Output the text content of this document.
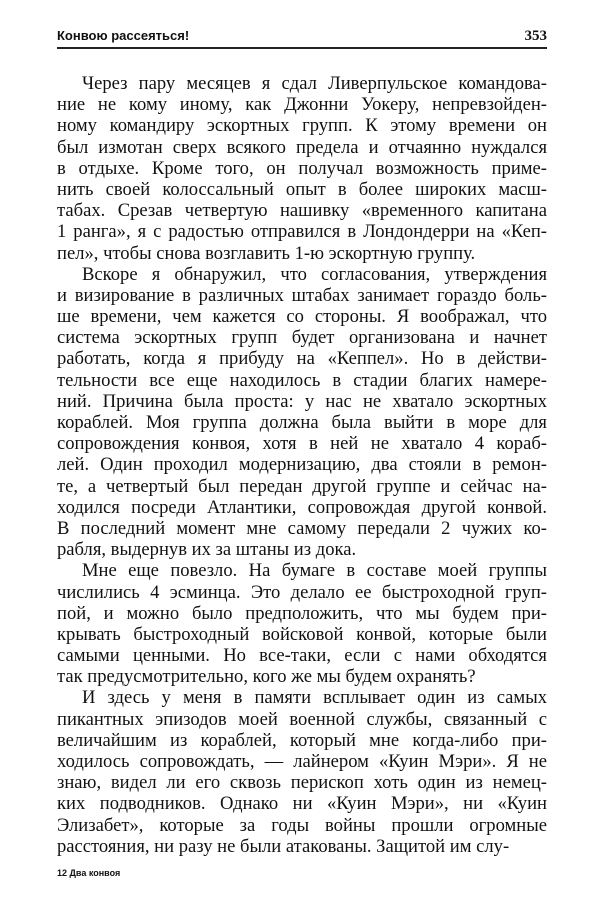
Конвою рассеяться!	353
Через пару месяцев я сдал Ливерпульское командова-
ние не кому иному, как Джонни Уокеру, непревзойден-
ному командиру эскортных групп. К этому времени он
был измотан сверх всякого предела и отчаянно нуждался
в отдыхе. Кроме того, он получал возможность приме-
нить своей колоссальный опыт в более широких масш-
табах. Срезав четвертую нашивку «временного капитана
1 ранга», я с радостью отправился в Лондондерри на «Кеп-
пел», чтобы снова возглавить 1-ю эскортную группу.
Вскоре я обнаружил, что согласования, утверждения
и визирование в различных штабах занимает гораздо боль-
ше времени, чем кажется со стороны. Я воображал, что
система эскортных групп будет организована и начнет
работать, когда я прибуду на «Кеппел». Но в действи-
тельности все еще находилось в стадии благих намере-
ний. Причина была проста: у нас не хватало эскортных
кораблей. Моя группа должна была выйти в море для
сопровождения конвоя, хотя в ней не хватало 4 кораб-
лей. Один проходил модернизацию, два стояли в ремон-
те, а четвертый был передан другой группе и сейчас на-
ходился посреди Атлантики, сопровождая другой конвой.
В последний момент мне самому передали 2 чужих ко-
рабля, выдернув их за штаны из дока.
Мне еще повезло. На бумаге в составе моей группы
числились 4 эсминца. Это делало ее быстроходной груп-
пой, и можно было предположить, что мы будем при-
крывать быстроходный войсковой конвой, которые были
самыми ценными. Но все-таки, если с нами обходятся
так предусмотрительно, кого же мы будем охранять?
И здесь у меня в памяти всплывает один из самых
пикантных эпизодов моей военной службы, связанный с
величайшим из кораблей, который мне когда-либо при-
ходилось сопровождать, — лайнером «Куин Мэри». Я не
знаю, видел ли его сквозь перископ хоть один из немец-
ких подводников. Однако ни «Куин Мэри», ни «Куин
Элизабет», которые за годы войны прошли огромные
расстояния, ни разу не были атакованы. Защитой им слу-
12 Два конвоя
